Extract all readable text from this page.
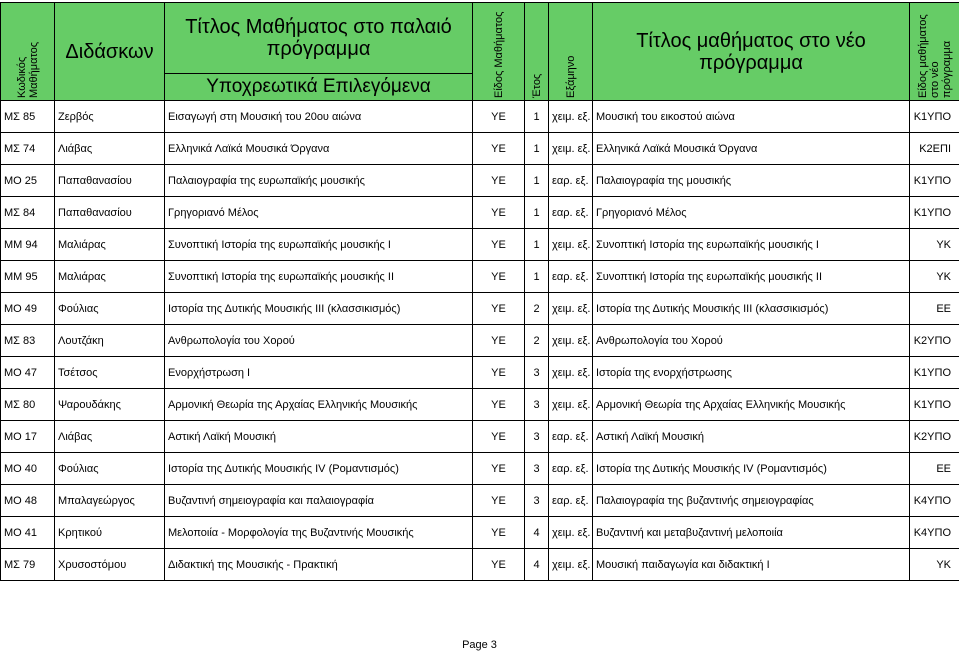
Κωδικός Μαθήματος	Διδάσκων	Τίτλος Μαθήματος στο παλαιό πρόγραμμα	Είδος Μαθήματος	Έτος	Εξάμηνο	Τίτλος μαθήματος στο νέο πρόγραμμα	Είδος μαθήματος στο νέο πρόγραμμα

		Υποχρεωτικά Επιλεγόμενα					
ΜΣ 85	Ζερβός	Εισαγωγή στη Μουσική του 20ου αιώνα	ΥΕ	1	χειμ. εξ.	Μουσική του εικοστού αιώνα	Κ1ΥΠΟ
ΜΣ 74	Λιάβας	Ελληνικά Λαϊκά Μουσικά Όργανα	ΥΕ	1	χειμ. εξ.	Ελληνικά Λαϊκά Μουσικά Όργανα	Κ2ΕΠΙ
ΜΟ 25	Παπαθανασίου	Παλαιογραφία της ευρωπαϊκής μουσικής	ΥΕ	1	εαρ. εξ.	Παλαιογραφία της μουσικής	Κ1ΥΠΟ
ΜΣ 84	Παπαθανασίου	Γρηγοριανό Μέλος	ΥΕ	1	εαρ. εξ.	Γρηγοριανό Μέλος	Κ1ΥΠΟ
ΜΜ 94	Μαλιάρας	Συνοπτική Ιστορία της ευρωπαϊκής μουσικής Ι	ΥΕ	1	χειμ. εξ.	Συνοπτική Ιστορία της ευρωπαϊκής μουσικής Ι	ΥΚ
ΜΜ 95	Μαλιάρας	Συνοπτική Ιστορία της ευρωπαϊκής μουσικής ΙΙ	ΥΕ	1	εαρ. εξ.	Συνοπτική Ιστορία της ευρωπαϊκής μουσικής ΙΙ	ΥΚ
ΜΟ 49	Φούλιας	Ιστορία της Δυτικής Μουσικής ΙΙΙ (κλασσικισμός)	ΥΕ	2	χειμ. εξ.	Ιστορία της Δυτικής Μουσικής ΙΙΙ (κλασσικισμός)	ΕΕ
ΜΣ 83	Λουτζάκη	Ανθρωπολογία του Χορού	ΥΕ	2	χειμ. εξ.	Ανθρωπολογία του Χορού	Κ2ΥΠΟ
ΜΟ 47	Τσέτσος	Ενορχήστρωση Ι	ΥΕ	3	χειμ. εξ.	Ιστορία της ενορχήστρωσης	Κ1ΥΠΟ
ΜΣ 80	Ψαρουδάκης	Αρμονική Θεωρία της Αρχαίας Ελληνικής Μουσικής	ΥΕ	3	χειμ. εξ.	Αρμονική Θεωρία της Αρχαίας Ελληνικής Μουσικής	Κ1ΥΠΟ
ΜΟ 17	Λιάβας	Αστική Λαϊκή Μουσική	ΥΕ	3	εαρ. εξ.	Αστική Λαϊκή Μουσική	Κ2ΥΠΟ
ΜΟ 40	Φούλιας	Ιστορία της Δυτικής Μουσικής ΙV (Ρομαντισμός)	ΥΕ	3	εαρ. εξ.	Ιστορία της Δυτικής Μουσικής ΙV (Ρομαντισμός)	ΕΕ
ΜΟ 48	Μπαλαγεώργος	Βυζαντινή σημειογραφία και παλαιογραφία	ΥΕ	3	εαρ. εξ.	Παλαιογραφία της βυζαντινής σημειογραφίας	Κ4ΥΠΟ
ΜΟ 41	Κρητικού	Μελοποιία - Μορφολογία της Βυζαντινής Μουσικής	ΥΕ	4	χειμ. εξ.	Βυζαντινή και μεταβυζαντινή μελοποιία	Κ4ΥΠΟ
ΜΣ 79	Χρυσοστόμου	Διδακτική της Μουσικής - Πρακτική	ΥΕ	4	χειμ. εξ.	Μουσική παιδαγωγία και διδακτική Ι	ΥΚ
Page 3
